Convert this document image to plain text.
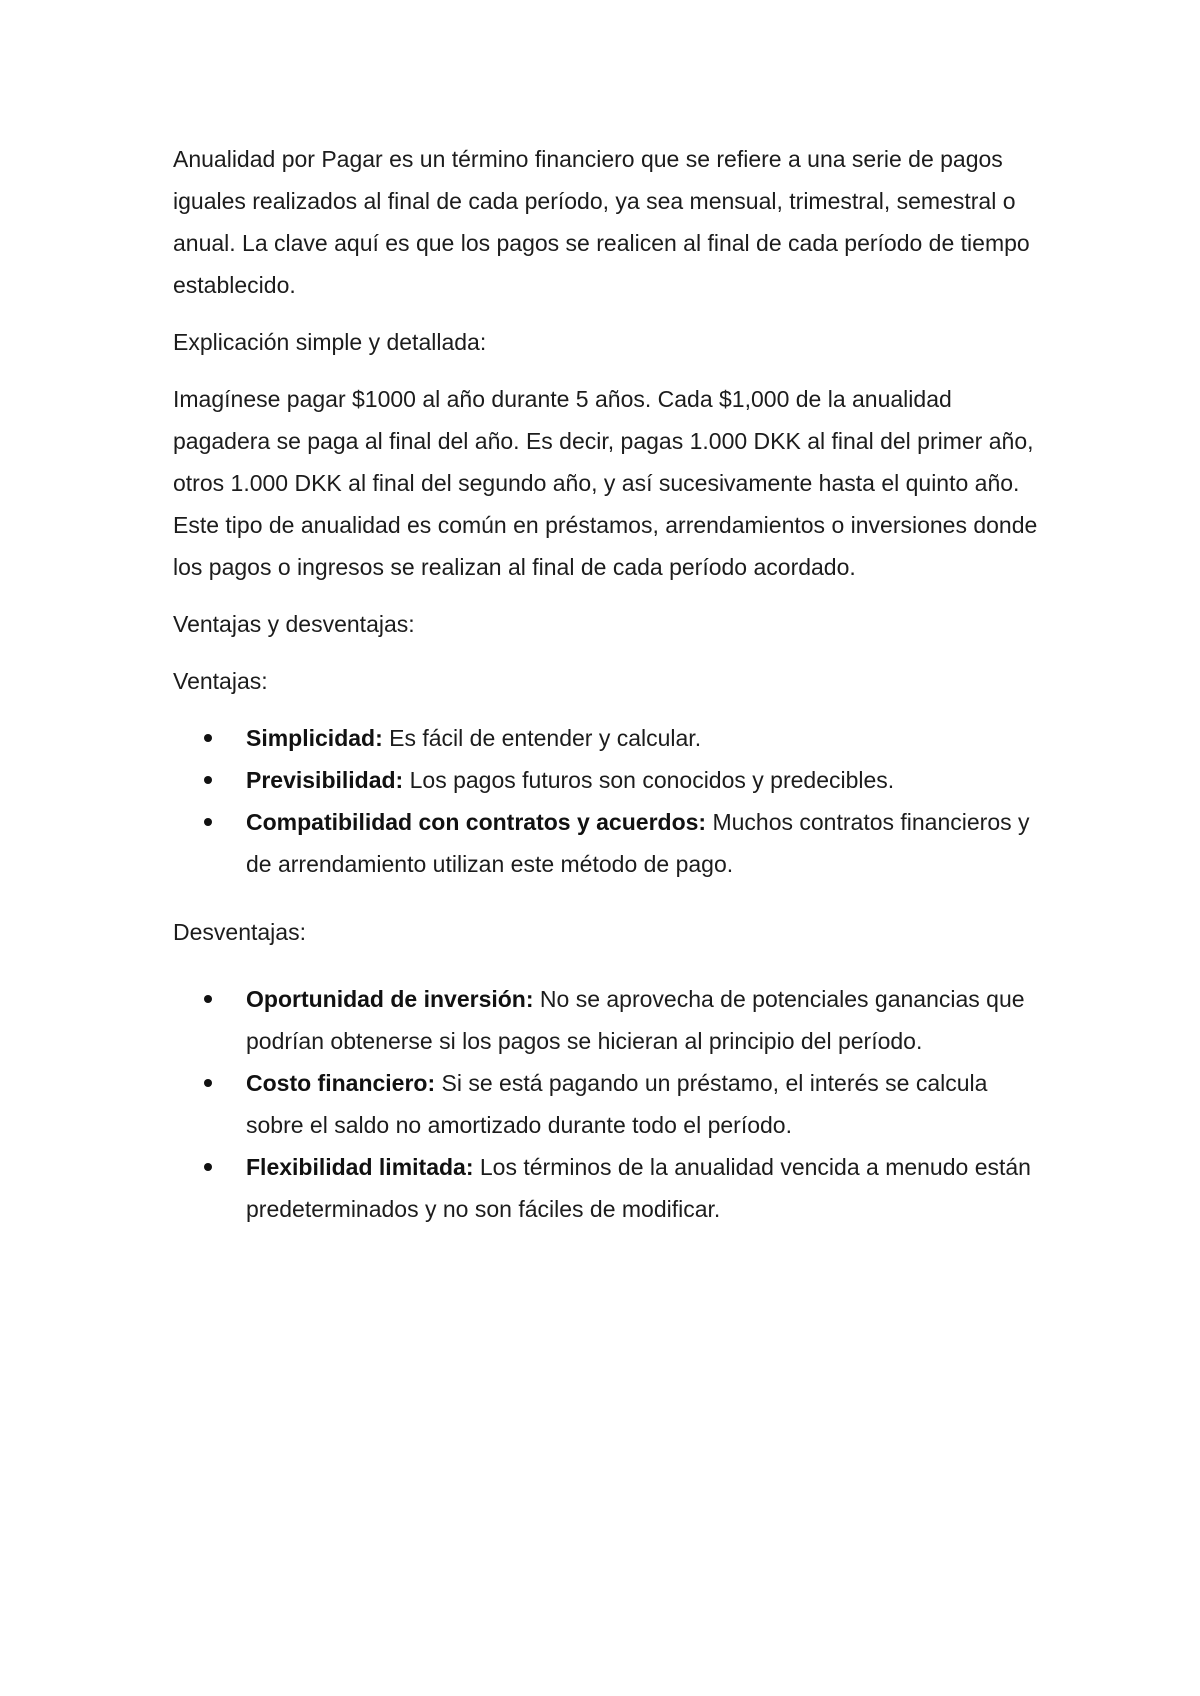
Anualidad por Pagar es un término financiero que se refiere a una serie de pagos iguales realizados al final de cada período, ya sea mensual, trimestral, semestral o anual. La clave aquí es que los pagos se realicen al final de cada período de tiempo establecido.

Explicación simple y detallada:

Imagínese pagar $1000 al año durante 5 años. Cada $1,000 de la anualidad pagadera se paga al final del año. Es decir, pagas 1.000 DKK al final del primer año, otros 1.000 DKK al final del segundo año, y así sucesivamente hasta el quinto año. Este tipo de anualidad es común en préstamos, arrendamientos o inversiones donde los pagos o ingresos se realizan al final de cada período acordado.

Ventajas y desventajas:

Ventajas:

Simplicidad: Es fácil de entender y calcular.
Previsibilidad: Los pagos futuros son conocidos y predecibles.
Compatibilidad con contratos y acuerdos: Muchos contratos financieros y de arrendamiento utilizan este método de pago.

Desventajas:

Oportunidad de inversión: No se aprovecha de potenciales ganancias que podrían obtenerse si los pagos se hicieran al principio del período.
Costo financiero: Si se está pagando un préstamo, el interés se calcula sobre el saldo no amortizado durante todo el período.
Flexibilidad limitada: Los términos de la anualidad vencida a menudo están predeterminados y no son fáciles de modificar.
